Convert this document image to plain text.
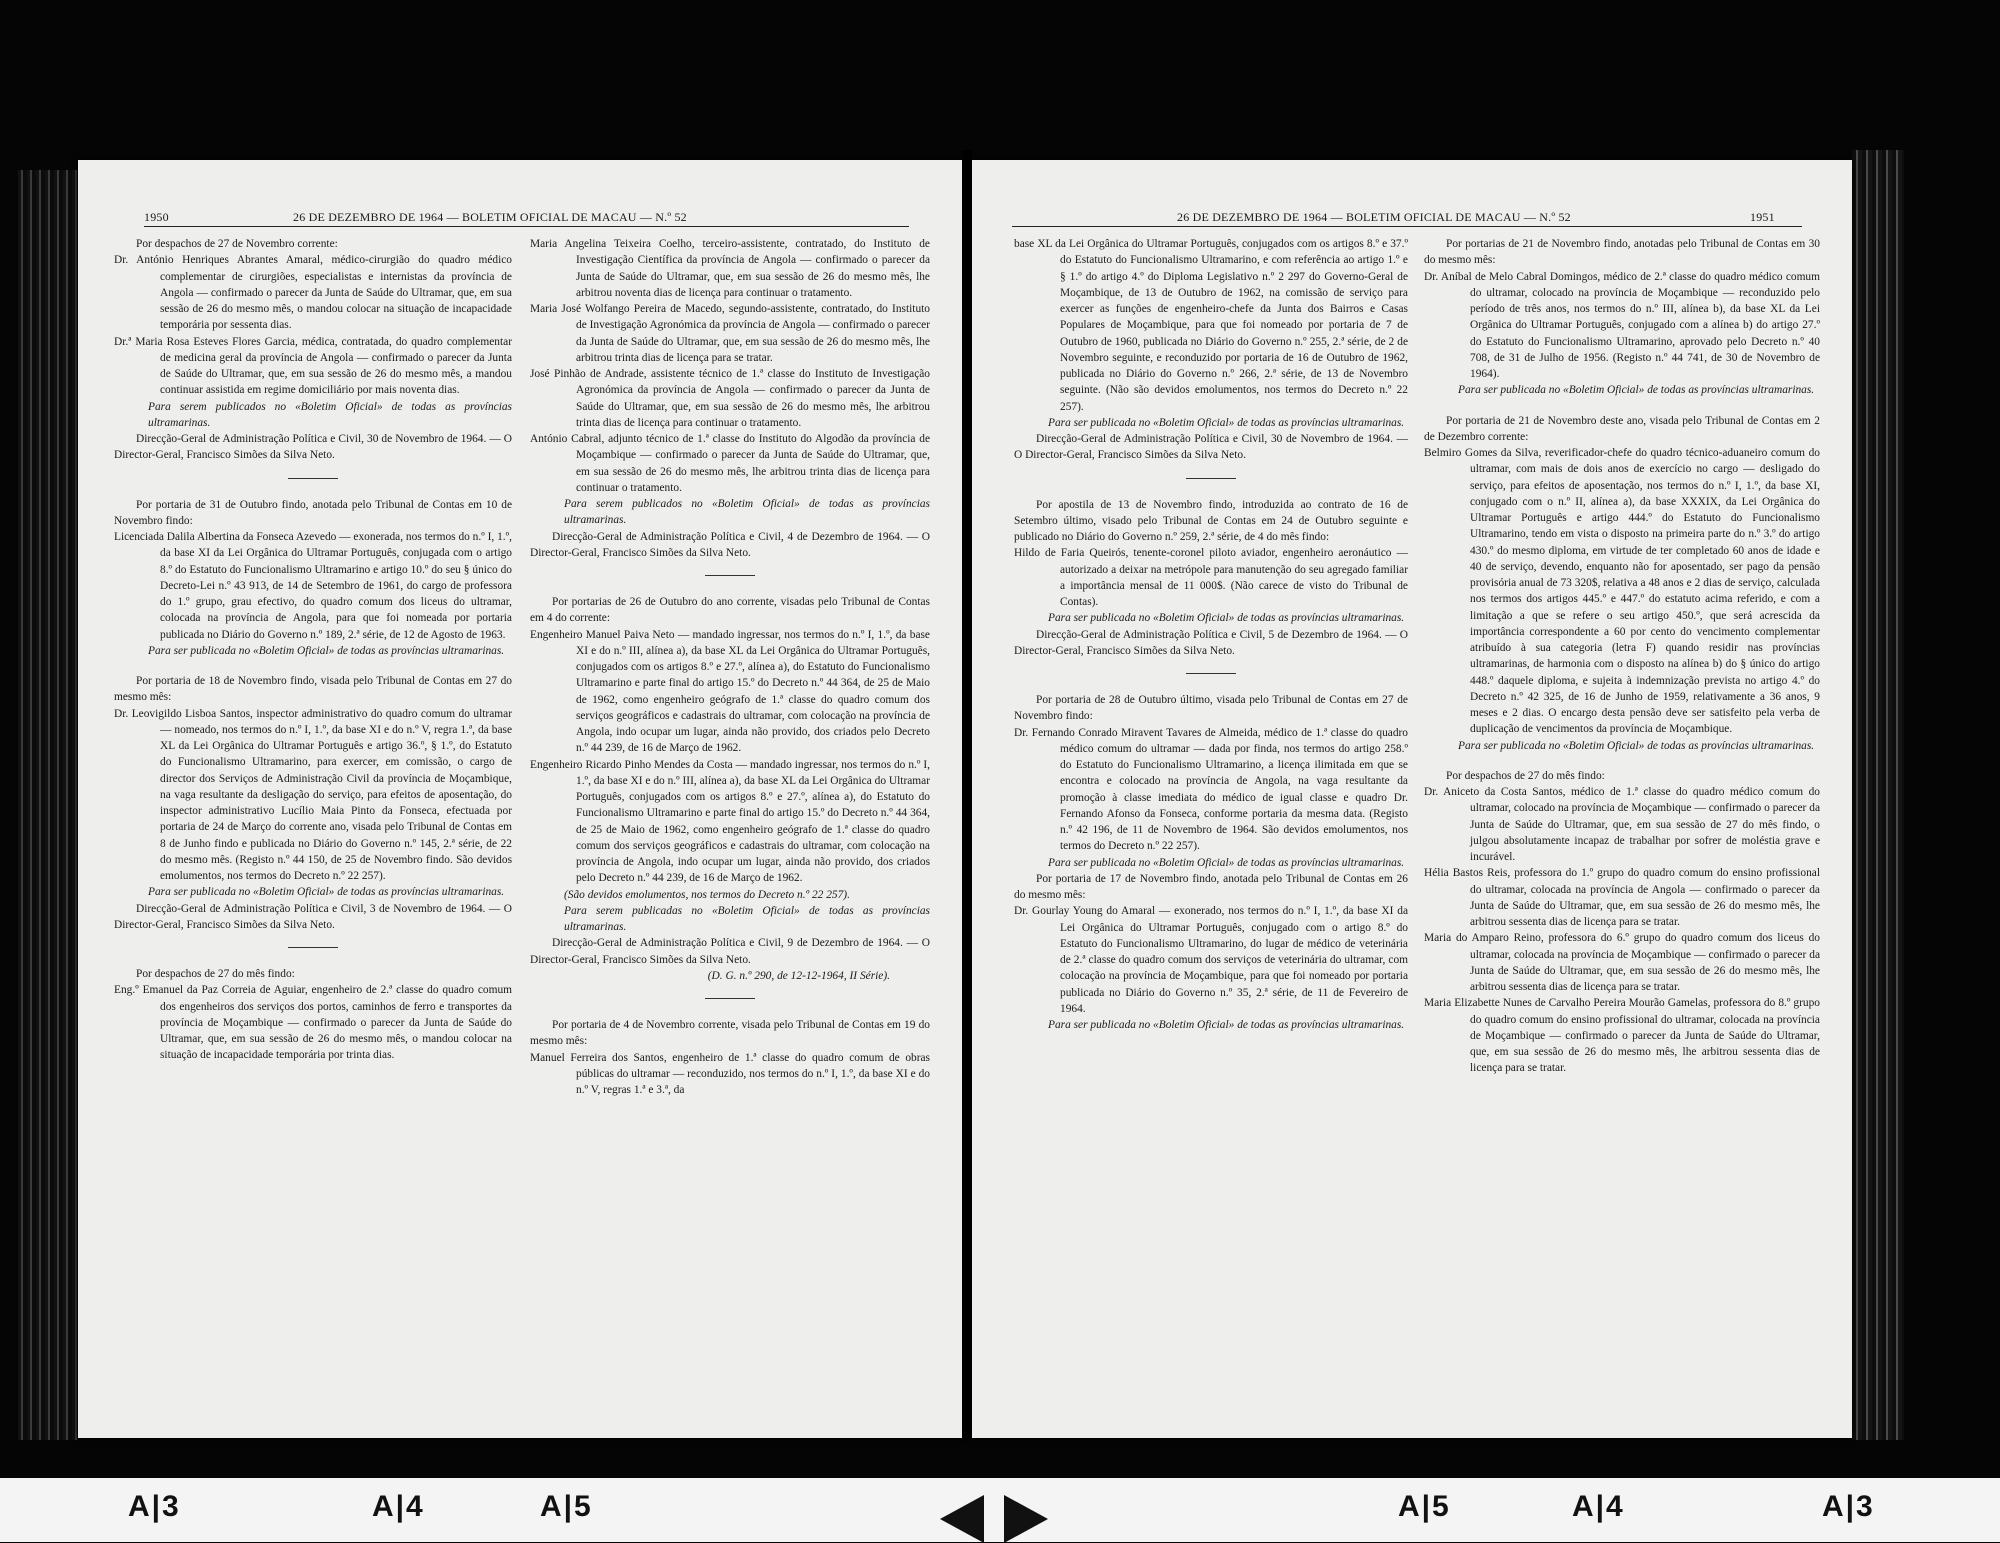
1950	26 DE DEZEMBRO DE 1964 — BOLETIM OFICIAL DE MACAU — N.º 52

Por despachos de 27 de Novembro corrente:

Dr. António Henriques Abrantes Amaral, médico-cirurgião do quadro médico complementar de cirurgiões, especialistas e internistas da província de Angola — confirmado o parecer da Junta de Saúde do Ultramar, que, em sua sessão de 26 do mesmo mês, o mandou colocar na situação de incapacidade temporária por sessenta dias.

Dr.ª Maria Rosa Esteves Flores Garcia, médica, contratada, do quadro complementar de medicina geral da província de Angola — confirmado o parecer da Junta de Saúde do Ultramar, que, em sua sessão de 26 do mesmo mês, a mandou continuar assistida em regime domiciliário por mais noventa dias.

Para serem publicados no «Boletim Oficial» de todas as províncias ultramarinas.

Direcção-Geral de Administração Política e Civil, 30 de Novembro de 1964. — O Director-Geral, Francisco Simões da Silva Neto.

Por portaria de 31 de Outubro findo, anotada pelo Tribunal de Contas em 10 de Novembro findo:

Licenciada Dalila Albertina da Fonseca Azevedo — exonerada, nos termos do n.º I, 1.º, da base XI da Lei Orgânica do Ultramar Português, conjugada com o artigo 8.º do Estatuto do Funcionalismo Ultramarino e artigo 10.º do seu § único do Decreto-Lei n.º 43 913, de 14 de Setembro de 1961, do cargo de professora do 1.º grupo, grau efectivo, do quadro comum dos liceus do ultramar, colocada na província de Angola, para que foi nomeada por portaria publicada no Diário do Governo n.º 189, 2.ª série, de 12 de Agosto de 1963.

Para ser publicada no «Boletim Oficial» de todas as províncias ultramarinas.

Por portaria de 18 de Novembro findo, visada pelo Tribunal de Contas em 27 do mesmo mês:

Dr. Leovigildo Lisboa Santos, inspector administrativo do quadro comum do ultramar — nomeado, nos termos do n.º I, 1.º, da base XI e do n.º V, regra 1.ª, da base XL da Lei Orgânica do Ultramar Português e artigo 36.º, § 1.º, do Estatuto do Funcionalismo Ultramarino, para exercer, em comissão, o cargo de director dos Serviços de Administração Civil da província de Moçambique, na vaga resultante da desligação do serviço, para efeitos de aposentação, do inspector administrativo Lucílio Maia Pinto da Fonseca, efectuada por portaria de 24 de Março do corrente ano, visada pelo Tribunal de Contas em 8 de Junho findo e publicada no Diário do Governo n.º 145, 2.ª série, de 22 do mesmo mês. (Registo n.º 44 150, de 25 de Novembro findo. São devidos emolumentos, nos termos do Decreto n.º 22 257).

Para ser publicada no «Boletim Oficial» de todas as províncias ultramarinas.

Direcção-Geral de Administração Política e Civil, 3 de Novembro de 1964. — O Director-Geral, Francisco Simões da Silva Neto.

Por despachos de 27 do mês findo:

Eng.º Emanuel da Paz Correia de Aguiar, engenheiro de 2.ª classe do quadro comum dos engenheiros dos serviços dos portos, caminhos de ferro e transportes da província de Moçambique — confirmado o parecer da Junta de Saúde do Ultramar, que, em sua sessão de 26 do mesmo mês, o mandou colocar na situação de incapacidade temporária por trinta dias.

Maria Angelina Teixeira Coelho, terceiro-assistente, contratado, do Instituto de Investigação Científica da província de Angola — confirmado o parecer da Junta de Saúde do Ultramar, que, em sua sessão de 26 do mesmo mês, lhe arbitrou noventa dias de licença para continuar o tratamento.

Maria José Wolfango Pereira de Macedo, segundo-assistente, contratado, do Instituto de Investigação Agronómica da província de Angola — confirmado o parecer da Junta de Saúde do Ultramar, que, em sua sessão de 26 do mesmo mês, lhe arbitrou trinta dias de licença para se tratar.

José Pinhão de Andrade, assistente técnico de 1.ª classe do Instituto de Investigação Agronómica da província de Angola — confirmado o parecer da Junta de Saúde do Ultramar, que, em sua sessão de 26 do mesmo mês, lhe arbitrou trinta dias de licença para continuar o tratamento.

António Cabral, adjunto técnico de 1.ª classe do Instituto do Algodão da província de Moçambique — confirmado o parecer da Junta de Saúde do Ultramar, que, em sua sessão de 26 do mesmo mês, lhe arbitrou trinta dias de licença para continuar o tratamento.

Para serem publicados no «Boletim Oficial» de todas as províncias ultramarinas.

Direcção-Geral de Administração Política e Civil, 4 de Dezembro de 1964. — O Director-Geral, Francisco Simões da Silva Neto.

Por portarias de 26 de Outubro do ano corrente, visadas pelo Tribunal de Contas em 4 do corrente:

Engenheiro Manuel Paiva Neto — mandado ingressar, nos termos do n.º I, 1.º, da base XI e do n.º III, alínea a), da base XL da Lei Orgânica do Ultramar Português, conjugados com os artigos 8.º e 27.º, alínea a), do Estatuto do Funcionalismo Ultramarino e parte final do artigo 15.º do Decreto n.º 44 364, de 25 de Maio de 1962, como engenheiro geógrafo de 1.ª classe do quadro comum dos serviços geográficos e cadastrais do ultramar, com colocação na província de Angola, indo ocupar um lugar, ainda não provido, dos criados pelo Decreto n.º 44 239, de 16 de Março de 1962.

Engenheiro Ricardo Pinho Mendes da Costa — mandado ingressar, nos termos do n.º I, 1.º, da base XI e do n.º III, alínea a), da base XL da Lei Orgânica do Ultramar Português, conjugados com os artigos 8.º e 27.º, alínea a), do Estatuto do Funcionalismo Ultramarino e parte final do artigo 15.º do Decreto n.º 44 364, de 25 de Maio de 1962, como engenheiro geógrafo de 1.ª classe do quadro comum dos serviços geográficos e cadastrais do ultramar, com colocação na província de Angola, indo ocupar um lugar, ainda não provido, dos criados pelo Decreto n.º 44 239, de 16 de Março de 1962.

(São devidos emolumentos, nos termos do Decreto n.º 22 257).

Para serem publicadas no «Boletim Oficial» de todas as províncias ultramarinas.

Direcção-Geral de Administração Política e Civil, 9 de Dezembro de 1964. — O Director-Geral, Francisco Simões da Silva Neto.

(D. G. n.º 290, de 12-12-1964, II Série).

Por portaria de 4 de Novembro corrente, visada pelo Tribunal de Contas em 19 do mesmo mês:

Manuel Ferreira dos Santos, engenheiro de 1.ª classe do quadro comum de obras públicas do ultramar — reconduzido, nos termos do n.º I, 1.º, da base XI e do n.º V, regras 1.ª e 3.ª, da

26 DE DEZEMBRO DE 1964 — BOLETIM OFICIAL DE MACAU — N.º 52	1951

base XL da Lei Orgânica do Ultramar Português, conjugados com os artigos 8.º e 37.º do Estatuto do Funcionalismo Ultramarino, e com referência ao artigo 1.º e § 1.º do artigo 4.º do Diploma Legislativo n.º 2 297 do Governo-Geral de Moçambique, de 13 de Outubro de 1962, na comissão de serviço para exercer as funções de engenheiro-chefe da Junta dos Bairros e Casas Populares de Moçambique, para que foi nomeado por portaria de 7 de Outubro de 1960, publicada no Diário do Governo n.º 255, 2.ª série, de 2 de Novembro seguinte, e reconduzido por portaria de 16 de Outubro de 1962, publicada no Diário do Governo n.º 266, 2.ª série, de 13 de Novembro seguinte. (Não são devidos emolumentos, nos termos do Decreto n.º 22 257).

Para ser publicada no «Boletim Oficial» de todas as províncias ultramarinas.

Direcção-Geral de Administração Política e Civil, 30 de Novembro de 1964. — O Director-Geral, Francisco Simões da Silva Neto.

Por apostila de 13 de Novembro findo, introduzida ao contrato de 16 de Setembro último, visado pelo Tribunal de Contas em 24 de Outubro seguinte e publicado no Diário do Governo n.º 259, 2.ª série, de 4 do mês findo:

Hildo de Faria Queirós, tenente-coronel piloto aviador, engenheiro aeronáutico — autorizado a deixar na metrópole para manutenção do seu agregado familiar a importância mensal de 11 000$. (Não carece de visto do Tribunal de Contas).

Para ser publicada no «Boletim Oficial» de todas as províncias ultramarinas.

Direcção-Geral de Administração Política e Civil, 5 de Dezembro de 1964. — O Director-Geral, Francisco Simões da Silva Neto.

Por portaria de 28 de Outubro último, visada pelo Tribunal de Contas em 27 de Novembro findo:

Dr. Fernando Conrado Miravent Tavares de Almeida, médico de 1.ª classe do quadro médico comum do ultramar — dada por finda, nos termos do artigo 258.º do Estatuto do Funcionalismo Ultramarino, a licença ilimitada em que se encontra e colocado na província de Angola, na vaga resultante da promoção à classe imediata do médico de igual classe e quadro Dr. Fernando Afonso da Fonseca, conforme portaria da mesma data. (Registo n.º 42 196, de 11 de Novembro de 1964. São devidos emolumentos, nos termos do Decreto n.º 22 257).

Para ser publicada no «Boletim Oficial» de todas as províncias ultramarinas.

Por portaria de 17 de Novembro findo, anotada pelo Tribunal de Contas em 26 do mesmo mês:

Dr. Gourlay Young do Amaral — exonerado, nos termos do n.º I, 1.º, da base XI da Lei Orgânica do Ultramar Português, conjugado com o artigo 8.º do Estatuto do Funcionalismo Ultramarino, do lugar de médico de veterinária de 2.ª classe do quadro comum dos serviços de veterinária do ultramar, com colocação na província de Moçambique, para que foi nomeado por portaria publicada no Diário do Governo n.º 35, 2.ª série, de 11 de Fevereiro de 1964.

Para ser publicada no «Boletim Oficial» de todas as províncias ultramarinas.

Por portarias de 21 de Novembro findo, anotadas pelo Tribunal de Contas em 30 do mesmo mês:

Dr. Aníbal de Melo Cabral Domingos, médico de 2.ª classe do quadro médico comum do ultramar, colocado na província de Moçambique — reconduzido pelo período de três anos, nos termos do n.º III, alínea b), da base XL da Lei Orgânica do Ultramar Português, conjugado com a alínea b) do artigo 27.º do Estatuto do Funcionalismo Ultramarino, aprovado pelo Decreto n.º 40 708, de 31 de Julho de 1956. (Registo n.º 44 741, de 30 de Novembro de 1964).

Para ser publicada no «Boletim Oficial» de todas as províncias ultramarinas.

Por portaria de 21 de Novembro deste ano, visada pelo Tribunal de Contas em 2 de Dezembro corrente:

Belmiro Gomes da Silva, reverificador-chefe do quadro técnico-aduaneiro comum do ultramar, com mais de dois anos de exercício no cargo — desligado do serviço, para efeitos de aposentação, nos termos do n.º I, 1.º, da base XI, conjugado com o n.º II, alínea a), da base XXXIX, da Lei Orgânica do Ultramar Português e artigo 444.º do Estatuto do Funcionalismo Ultramarino, tendo em vista o disposto na primeira parte do n.º 3.º do artigo 430.º do mesmo diploma, em virtude de ter completado 60 anos de idade e 40 de serviço, devendo, enquanto não for aposentado, ser pago da pensão provisória anual de 73 320$, relativa a 48 anos e 2 dias de serviço, calculada nos termos dos artigos 445.º e 447.º do estatuto acima referido, e com a limitação a que se refere o seu artigo 450.º, que será acrescida da importância correspondente a 60 por cento do vencimento complementar atribuído à sua categoria (letra F) quando residir nas províncias ultramarinas, de harmonia com o disposto na alínea b) do § único do artigo 448.º daquele diploma, e sujeita à indemnização prevista no artigo 4.º do Decreto n.º 42 325, de 16 de Junho de 1959, relativamente a 36 anos, 9 meses e 2 dias. O encargo desta pensão deve ser satisfeito pela verba de duplicação de vencimentos da província de Moçambique.

Para ser publicada no «Boletim Oficial» de todas as províncias ultramarinas.

Por despachos de 27 do mês findo:

Dr. Aniceto da Costa Santos, médico de 1.ª classe do quadro médico comum do ultramar, colocado na província de Moçambique — confirmado o parecer da Junta de Saúde do Ultramar, que, em sua sessão de 27 do mês findo, o julgou absolutamente incapaz de trabalhar por sofrer de moléstia grave e incurável.

Hélia Bastos Reis, professora do 1.º grupo do quadro comum do ensino profissional do ultramar, colocada na província de Angola — confirmado o parecer da Junta de Saúde do Ultramar, que, em sua sessão de 26 do mesmo mês, lhe arbitrou sessenta dias de licença para se tratar.

Maria do Amparo Reino, professora do 6.º grupo do quadro comum dos liceus do ultramar, colocada na província de Moçambique — confirmado o parecer da Junta de Saúde do Ultramar, que, em sua sessão de 26 do mesmo mês, lhe arbitrou sessenta dias de licença para se tratar.

Maria Elizabette Nunes de Carvalho Pereira Mourão Gamelas, professora do 8.º grupo do quadro comum do ensino profissional do ultramar, colocada na província de Moçambique — confirmado o parecer da Junta de Saúde do Ultramar, que, em sua sessão de 26 do mesmo mês, lhe arbitrou sessenta dias de licença para se tratar.

A|3	A|4	A|5	A|5	A|4	A|3
